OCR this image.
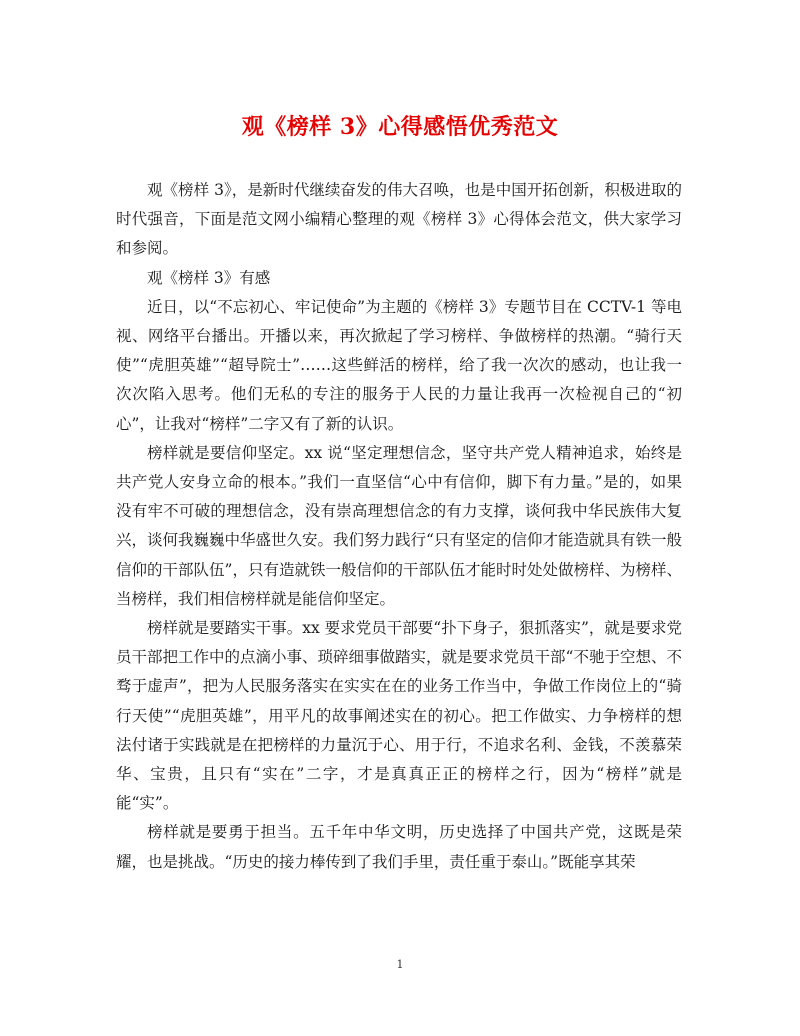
观《榜样 3》心得感悟优秀范文

观《榜样 3》，是新时代继续奋发的伟大召唤，也是中国开拓创新，积极进取的时代强音，下面是范文网小编精心整理的观《榜样 3》心得体会范文，供大家学习和参阅。

观《榜样 3》有感

近日，以“不忘初心、牢记使命”为主题的《榜样 3》专题节目在 CCTV-1 等电视、网络平台播出。开播以来，再次掀起了学习榜样、争做榜样的热潮。“骑行天使”“虎胆英雄”“超导院士”……这些鲜活的榜样，给了我一次次的感动，也让我一次次陷入思考。他们无私的专注的服务于人民的力量让我再一次检视自己的“初心”，让我对“榜样”二字又有了新的认识。

榜样就是要信仰坚定。xx 说“坚定理想信念，坚守共产党人精神追求，始终是共产党人安身立命的根本。”我们一直坚信“心中有信仰，脚下有力量。”是的，如果没有牢不可破的理想信念，没有崇高理想信念的有力支撑，谈何我中华民族伟大复兴，谈何我巍巍中华盛世久安。我们努力践行“只有坚定的信仰才能造就具有铁一般信仰的干部队伍”，只有造就铁一般信仰的干部队伍才能时时处处做榜样、为榜样、当榜样，我们相信榜样就是能信仰坚定。

榜样就是要踏实干事。xx 要求党员干部要“扑下身子，狠抓落实”，就是要求党员干部把工作中的点滴小事、琐碎细事做踏实，就是要求党员干部“不驰于空想、不骛于虚声”，把为人民服务落实在实实在在的业务工作当中，争做工作岗位上的“骑行天使”“虎胆英雄”，用平凡的故事阐述实在的初心。把工作做实、力争榜样的想法付诸于实践就是在把榜样的力量沉于心、用于行，不追求名利、金钱，不羡慕荣华、宝贵，且只有“实在”二字，才是真真正正的榜样之行，因为“榜样”就是能“实”。

榜样就是要勇于担当。五千年中华文明，历史选择了中国共产党，这既是荣耀，也是挑战。“历史的接力棒传到了我们手里，责任重于泰山。”既能享其荣

1
